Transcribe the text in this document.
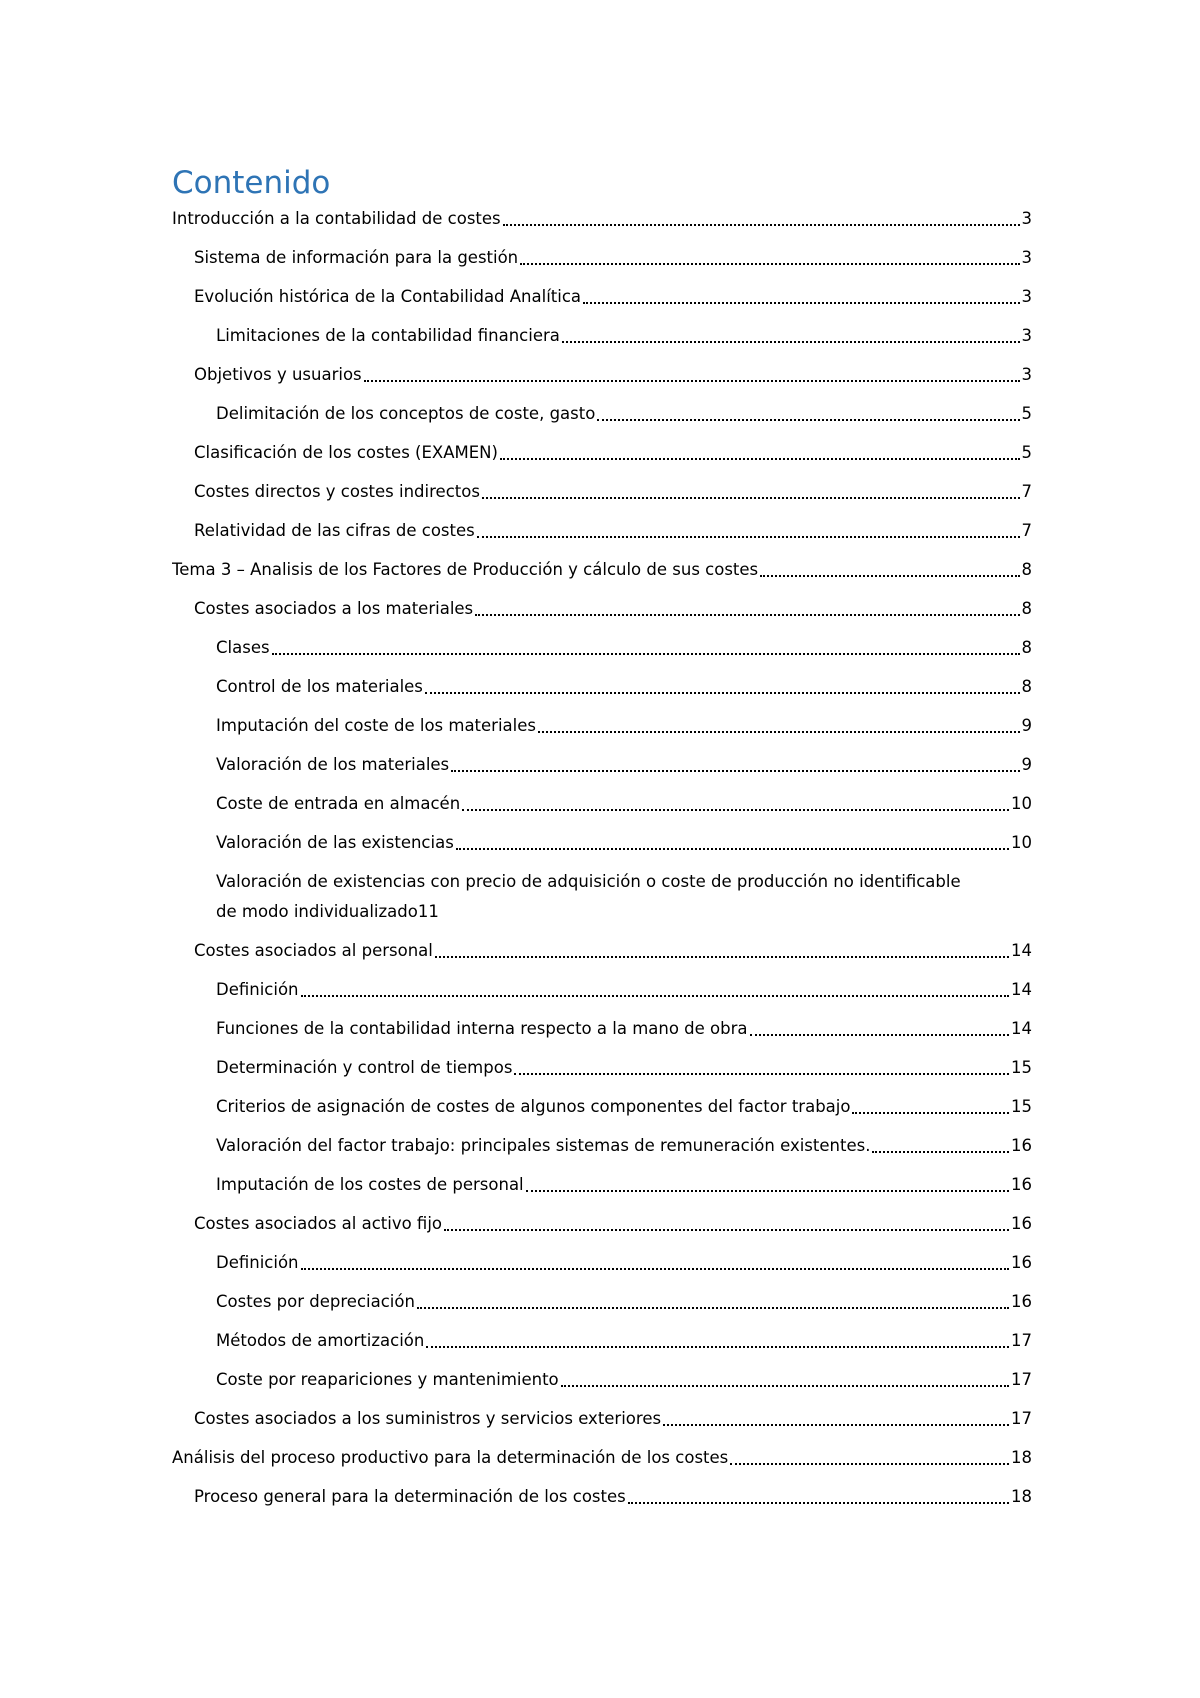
Contenido
Introducción a la contabilidad de costes	3
Sistema de información para la gestión	3
Evolución histórica de la Contabilidad Analítica	3
Limitaciones de la contabilidad financiera	3
Objetivos y usuarios	3
Delimitación de los conceptos de coste, gasto	5
Clasificación de los costes (EXAMEN)	5
Costes directos y costes indirectos	7
Relatividad de las cifras de costes	7
Tema 3 – Analisis de los Factores de Producción y cálculo de sus costes	8
Costes asociados a los materiales	8
Clases	8
Control de los materiales	8
Imputación del coste de los materiales	9
Valoración de los materiales	9
Coste de entrada en almacén	10
Valoración de las existencias	10
Valoración de existencias con precio de adquisición o coste de producción no identificable
de modo individualizado 11
Costes asociados al personal	14
Definición	14
Funciones de la contabilidad interna respecto a la mano de obra	14
Determinación y control de tiempos	15
Criterios de asignación de costes de algunos componentes del factor trabajo	15
Valoración del factor trabajo: principales sistemas de remuneración existentes.	16
Imputación de los costes de personal	16
Costes asociados al activo fijo	16
Definición	16
Costes por depreciación	16
Métodos de amortización	17
Coste por reapariciones y mantenimiento	17
Costes asociados a los suministros y servicios exteriores	17
Análisis del proceso productivo para la determinación de los costes	18
Proceso general para la determinación de los costes	18
